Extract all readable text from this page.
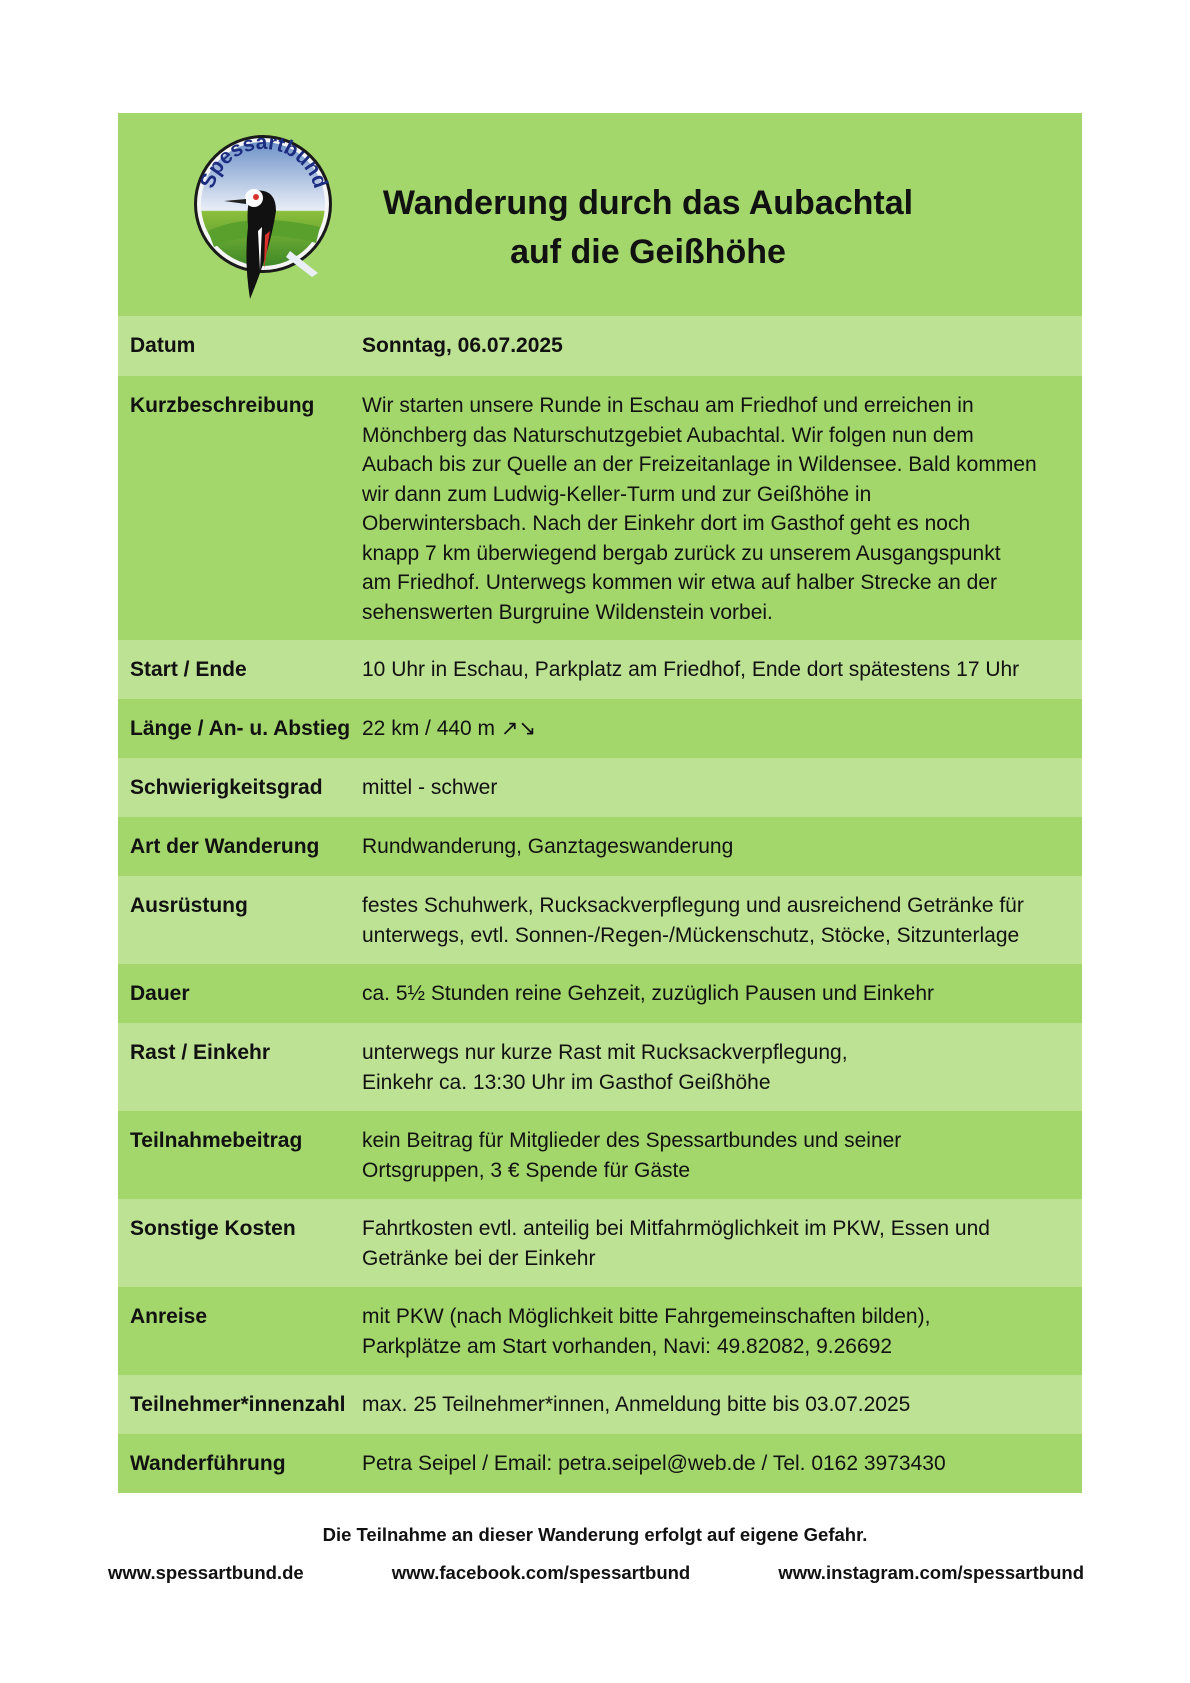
Spessartbund
Wanderung durch das Aubachtal
auf die Geißhöhe
Datum	Sonntag, 06.07.2025
Kurzbeschreibung	Wir starten unsere Runde in Eschau am Friedhof und erreichen in
Mönchberg das Naturschutzgebiet Aubachtal. Wir folgen nun dem
Aubach bis zur Quelle an der Freizeitanlage in Wildensee. Bald kommen
wir dann zum Ludwig-Keller-Turm und zur Geißhöhe in
Oberwintersbach. Nach der Einkehr dort im Gasthof geht es noch
knapp 7 km überwiegend bergab zurück zu unserem Ausgangspunkt
am Friedhof. Unterwegs kommen wir etwa auf halber Strecke an der
sehenswerten Burgruine Wildenstein vorbei.
Start / Ende	10 Uhr in Eschau, Parkplatz am Friedhof, Ende dort spätestens 17 Uhr
Länge / An- u. Abstieg 22 km / 440 m ↗↘
Schwierigkeitsgrad	mittel - schwer
Art der Wanderung	Rundwanderung, Ganztageswanderung
Ausrüstung	festes Schuhwerk, Rucksackverpflegung und ausreichend Getränke für
unterwegs, evtl. Sonnen-/Regen-/Mückenschutz, Stöcke, Sitzunterlage
Dauer	ca. 5½ Stunden reine Gehzeit, zuzüglich Pausen und Einkehr
Rast / Einkehr	unterwegs nur kurze Rast mit Rucksackverpflegung,
Einkehr ca. 13:30 Uhr im Gasthof Geißhöhe
Teilnahmebeitrag	kein Beitrag für Mitglieder des Spessartbundes und seiner
Ortsgruppen, 3 € Spende für Gäste
Sonstige Kosten	Fahrtkosten evtl. anteilig bei Mitfahrmöglichkeit im PKW, Essen und
Getränke bei der Einkehr
Anreise	mit PKW (nach Möglichkeit bitte Fahrgemeinschaften bilden),
Parkplätze am Start vorhanden, Navi: 49.82082, 9.26692
Teilnehmer*innenzahl max. 25 Teilnehmer*innen, Anmeldung bitte bis 03.07.2025
Wanderführung	Petra Seipel / Email: petra.seipel@web.de / Tel. 0162 3973430
Die Teilnahme an dieser Wanderung erfolgt auf eigene Gefahr.
www.spessartbund.de	www.facebook.com/spessartbund	www.instagram.com/spessartbund
